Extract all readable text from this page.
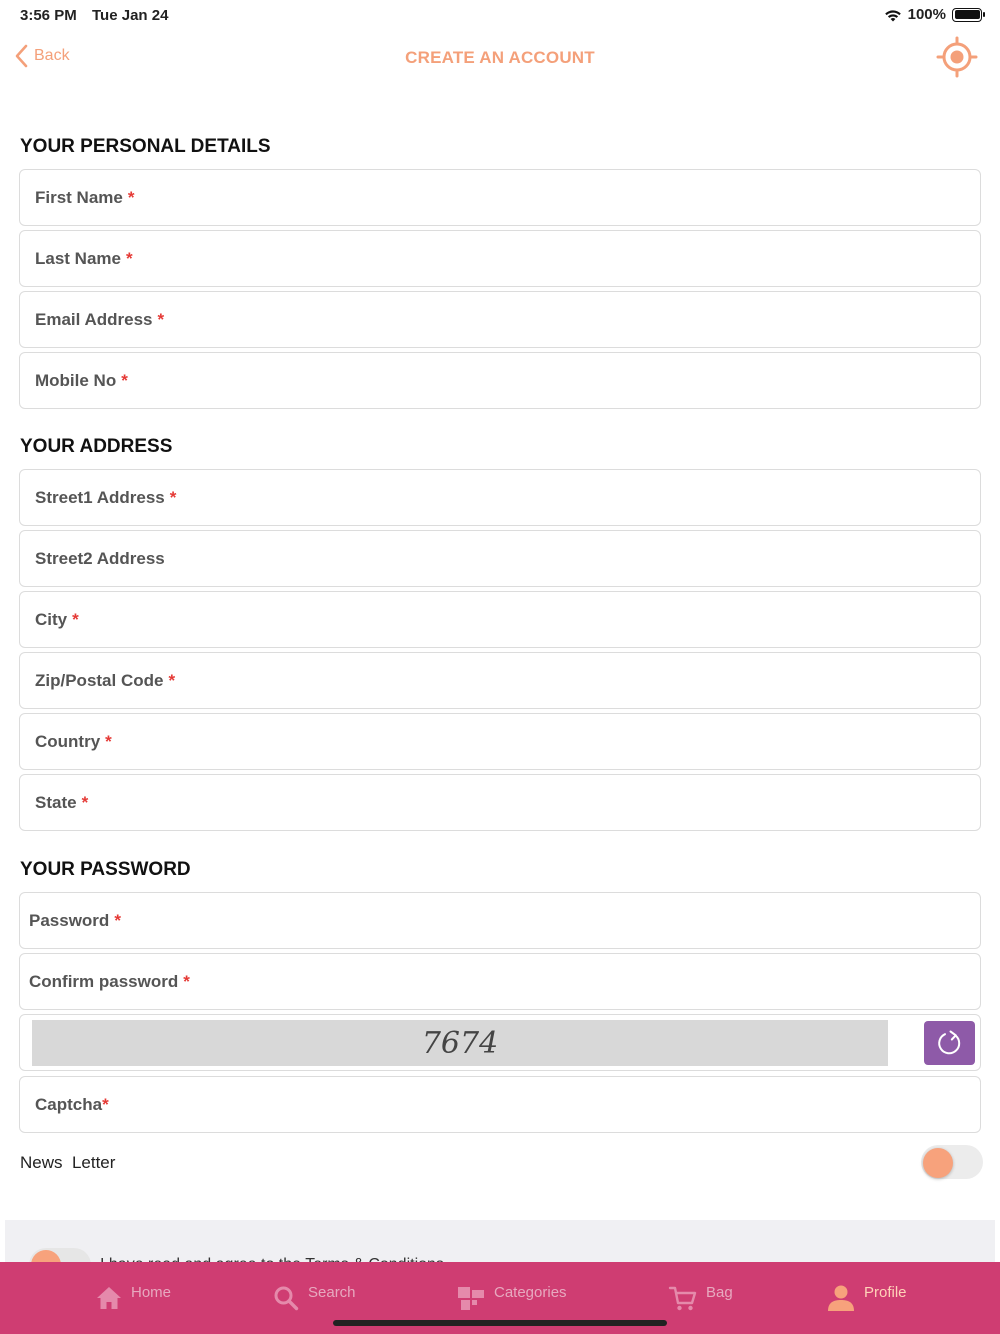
3:56 PM Tue Jan 24	100%
Back	CREATE AN ACCOUNT
YOUR PERSONAL DETAILS
First Name *
Last Name *
Email Address *
Mobile No *
YOUR ADDRESS
Street1 Address *
Street2 Address
City *
Zip/Postal Code *
Country *
State *
YOUR PASSWORD
Password *
Confirm password *
7674
Captcha*
News  Letter
Home	Search	Categories	Bag	Profile
